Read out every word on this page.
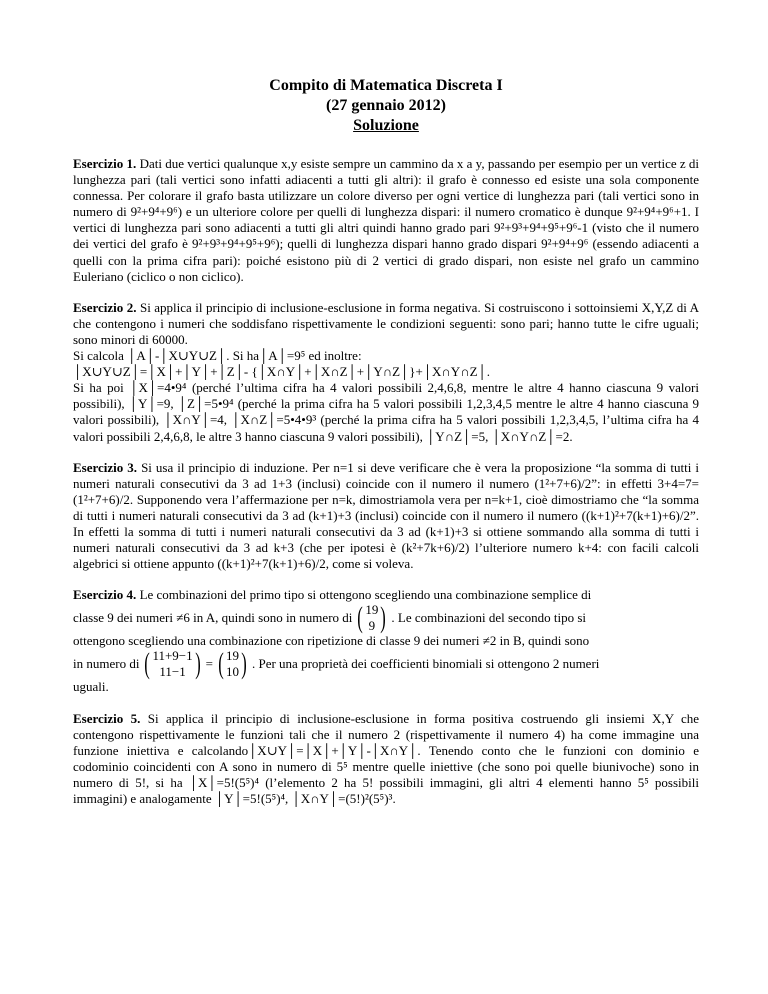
Compito di Matematica Discreta I
(27 gennaio 2012)
Soluzione

Esercizio 1. Dati due vertici qualunque x,y esiste sempre un cammino da x a y, passando per esempio per un vertice z di lunghezza pari (tali vertici sono infatti adiacenti a tutti gli altri): il grafo è connesso ed esiste una sola componente connessa. Per colorare il grafo basta utilizzare un colore diverso per ogni vertice di lunghezza pari (tali vertici sono in numero di 9²+9⁴+9⁶) e un ulteriore colore per quelli di lunghezza dispari: il numero cromatico è dunque 9²+9⁴+9⁶+1. I vertici di lunghezza pari sono adiacenti a tutti gli altri quindi hanno grado pari 9²+9³+9⁴+9⁵+9⁶-1 (visto che il numero dei vertici del grafo è 9²+9³+9⁴+9⁵+9⁶); quelli di lunghezza dispari hanno grado dispari 9²+9⁴+9⁶ (essendo adiacenti a quelli con la prima cifra pari): poiché esistono più di 2 vertici di grado dispari, non esiste nel grafo un cammino Euleriano (ciclico o non ciclico).

Esercizio 2. Si applica il principio di inclusione-esclusione in forma negativa. Si costruiscono i sottoinsiemi X,Y,Z di A che contengono i numeri che soddisfano rispettivamente le condizioni seguenti: sono pari; hanno tutte le cifre uguali; sono minori di 60000.

Si calcola │A│-│X∪Y∪Z│. Si ha│A│=9⁵ ed inoltre:

│X∪Y∪Z│=│X│+│Y│+│Z│- {│X∩Y│+│X∩Z│+│Y∩Z│}+│X∩Y∩Z│.

Si ha poi │X│=4•9⁴ (perché l’ultima cifra ha 4 valori possibili 2,4,6,8, mentre le altre 4 hanno ciascuna 9 valori possibili), │Y│=9, │Z│=5•9⁴ (perché la prima cifra ha 5 valori possibili 1,2,3,4,5 mentre le altre 4 hanno ciascuna 9 valori possibili), │X∩Y│=4, │X∩Z│=5•4•9³ (perché la prima cifra ha 5 valori possibili 1,2,3,4,5, l’ultima cifra ha 4 valori possibili 2,4,6,8, le altre 3 hanno ciascuna 9 valori possibili), │Y∩Z│=5, │X∩Y∩Z│=2.

Esercizio 3. Si usa il principio di induzione. Per n=1 si deve verificare che è vera la proposizione “la somma di tutti i numeri naturali consecutivi da 3 ad 1+3 (inclusi) coincide con il numero il numero (1²+7+6)/2”: in effetti 3+4=7=(1²+7+6)/2. Supponendo vera l’affermazione per n=k, dimostriamola vera per n=k+1, cioè dimostriamo che “la somma di tutti i numeri naturali consecutivi da 3 ad (k+1)+3 (inclusi) coincide con il numero il numero ((k+1)²+7(k+1)+6)/2”. In effetti la somma di tutti i numeri naturali consecutivi da 3 ad (k+1)+3 si ottiene sommando alla somma di tutti i numeri naturali consecutivi da 3 ad k+3 (che per ipotesi è (k²+7k+6)/2) l’ulteriore numero k+4: con facili calcoli algebrici si ottiene appunto ((k+1)²+7(k+1)+6)/2, come si voleva.

Esercizio 4. Le combinazioni del primo tipo si ottengono scegliendo una combinazione semplice di

classe 9 dei numeri ≠6 in A, quindi sono in numero di ( 19
9 ) . Le combinazioni del secondo tipo si

ottengono scegliendo una combinazione con ripetizione di classe 9 dei numeri ≠2 in B, quindi sono

in numero di ( 11+9−1
11−1 ) = ( 19
10 ) . Per una proprietà dei coefficienti binomiali si ottengono 2 numeri

uguali.

Esercizio 5. Si applica il principio di inclusione-esclusione in forma positiva costruendo gli insiemi X,Y che contengono rispettivamente le funzioni tali che il numero 2 (rispettivamente il numero 4) ha come immagine una funzione iniettiva e calcolando│X∪Y│=│X│+│Y│-│X∩Y│. Tenendo conto che le funzioni con dominio e codominio coincidenti con A sono in numero di 5⁵ mentre quelle iniettive (che sono poi quelle biunivoche) sono in numero di 5!, si ha │X│=5!(5⁵)⁴ (l’elemento 2 ha 5! possibili immagini, gli altri 4 elementi hanno 5⁵ possibili immagini) e analogamente │Y│=5!(5⁵)⁴, │X∩Y│=(5!)²(5⁵)³.
